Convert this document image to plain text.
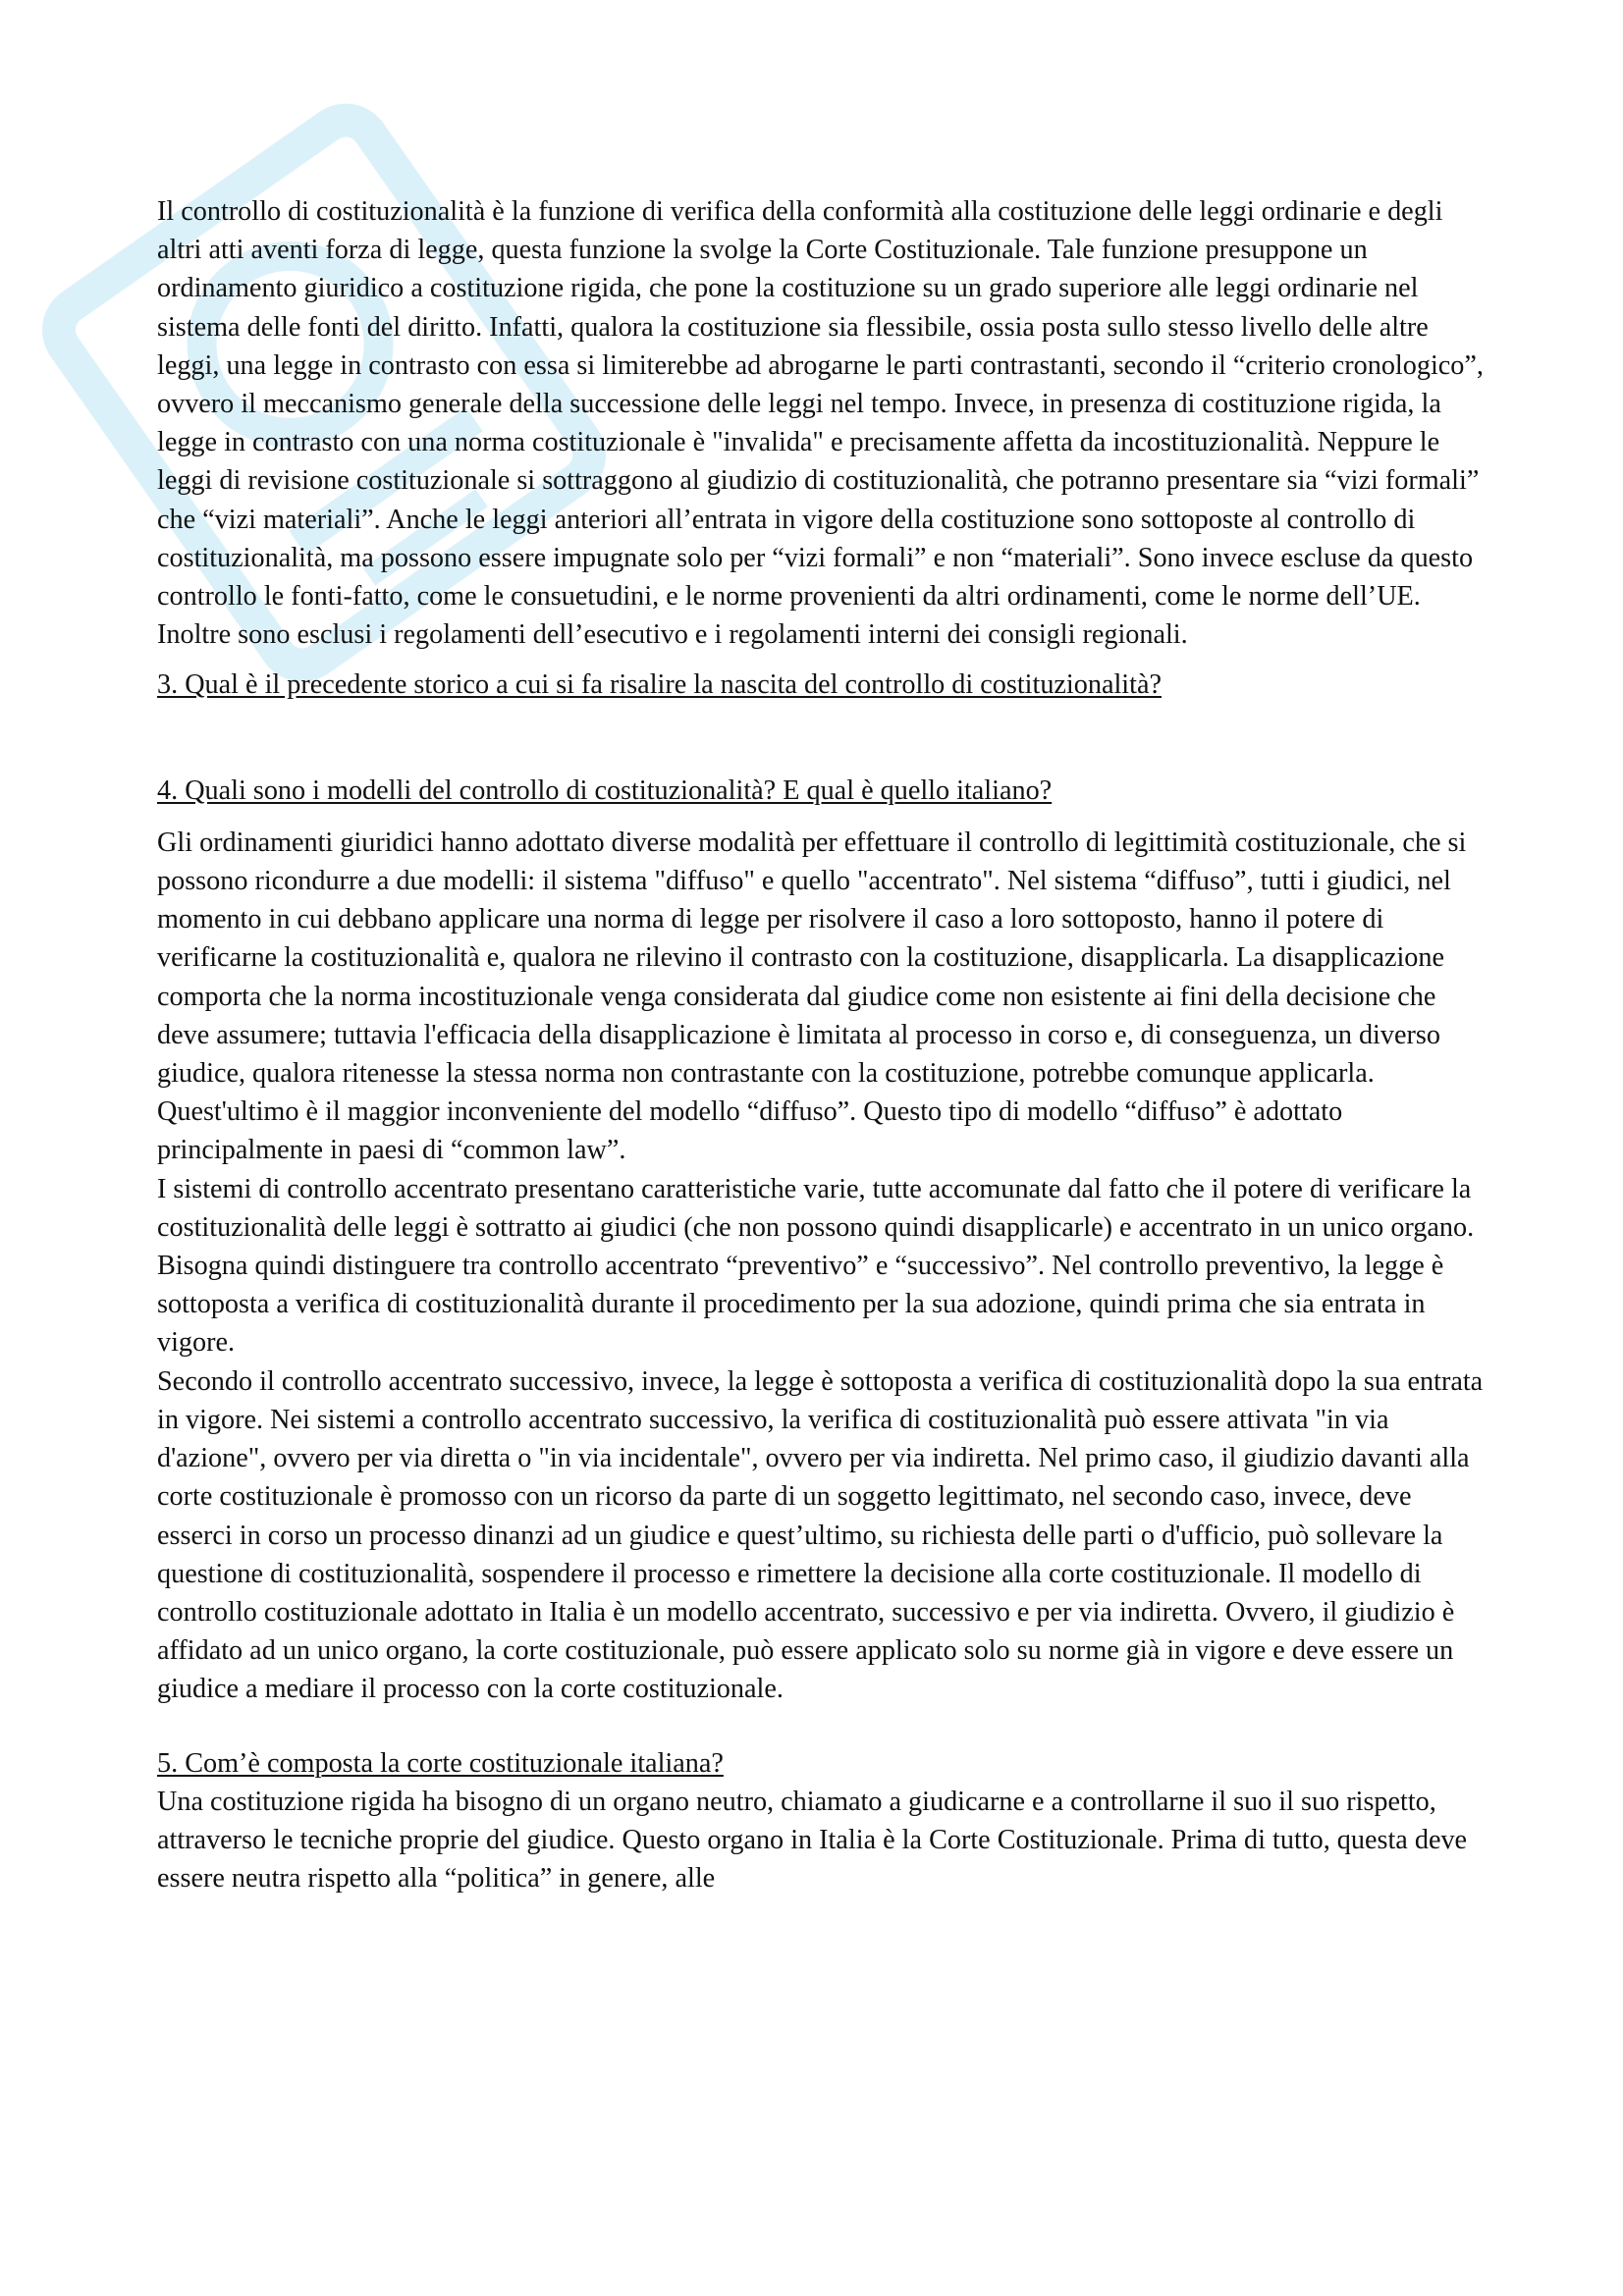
Il controllo di costituzionalità è la funzione di verifica della conformità alla costituzione delle leggi ordinarie e degli altri atti aventi forza di legge, questa funzione la svolge la Corte Costituzionale. Tale funzione presuppone un ordinamento giuridico a costituzione rigida, che pone la costituzione su un grado superiore alle leggi ordinarie nel sistema delle fonti del diritto. Infatti, qualora la costituzione sia flessibile, ossia posta sullo stesso livello delle altre leggi, una legge in contrasto con essa si limiterebbe ad abrogarne le parti contrastanti, secondo il “criterio cronologico”, ovvero il meccanismo generale della successione delle leggi nel tempo. Invece, in presenza di costituzione rigida, la legge in contrasto con una norma costituzionale è "invalida" e precisamente affetta da incostituzionalità. Neppure le leggi di revisione costituzionale si sottraggono al giudizio di costituzionalità, che potranno presentare sia “vizi formali” che “vizi materiali”. Anche le leggi anteriori all’entrata in vigore della costituzione sono sottoposte al controllo di costituzionalità, ma possono essere impugnate solo per “vizi formali” e non “materiali”. Sono invece escluse da questo controllo le fonti-fatto, come le consuetudini, e le norme provenienti da altri ordinamenti, come le norme dell’UE. Inoltre sono esclusi i regolamenti dell’esecutivo e i regolamenti interni dei consigli regionali.

3. Qual è il precedente storico a cui si fa risalire la nascita del controllo di costituzionalità?

4. Quali sono i modelli del controllo di costituzionalità? E qual è quello italiano?

Gli ordinamenti giuridici hanno adottato diverse modalità per effettuare il controllo di legittimità costituzionale, che si possono ricondurre a due modelli: il sistema "diffuso" e quello "accentrato". Nel sistema “diffuso”, tutti i giudici, nel momento in cui debbano applicare una norma di legge per risolvere il caso a loro sottoposto, hanno il potere di verificarne la costituzionalità e, qualora ne rilevino il contrasto con la costituzione, disapplicarla. La disapplicazione comporta che la norma incostituzionale venga considerata dal giudice come non esistente ai fini della decisione che deve assumere; tuttavia l'efficacia della disapplicazione è limitata al processo in corso e, di conseguenza, un diverso giudice, qualora ritenesse la stessa norma non contrastante con la costituzione, potrebbe comunque applicarla. Quest'ultimo è il maggior inconveniente del modello “diffuso”. Questo tipo di modello “diffuso” è adottato principalmente in paesi di “common law”.

I sistemi di controllo accentrato presentano caratteristiche varie, tutte accomunate dal fatto che il potere di verificare la costituzionalità delle leggi è sottratto ai giudici (che non possono quindi disapplicarle) e accentrato in un unico organo. Bisogna quindi distinguere tra controllo accentrato “preventivo” e “successivo”. Nel controllo preventivo, la legge è sottoposta a verifica di costituzionalità durante il procedimento per la sua adozione, quindi prima che sia entrata in vigore.

Secondo il controllo accentrato successivo, invece, la legge è sottoposta a verifica di costituzionalità dopo la sua entrata in vigore. Nei sistemi a controllo accentrato successivo, la verifica di costituzionalità può essere attivata "in via d'azione", ovvero per via diretta o "in via incidentale", ovvero per via indiretta. Nel primo caso, il giudizio davanti alla corte costituzionale è promosso con un ricorso da parte di un soggetto legittimato, nel secondo caso, invece, deve esserci in corso un processo dinanzi ad un giudice e quest’ultimo, su richiesta delle parti o d'ufficio, può sollevare la questione di costituzionalità, sospendere il processo e rimettere la decisione alla corte costituzionale. Il modello di controllo costituzionale adottato in Italia è un modello accentrato, successivo e per via indiretta. Ovvero, il giudizio è affidato ad un unico organo, la corte costituzionale, può essere applicato solo su norme già in vigore e deve essere un giudice a mediare il processo con la corte costituzionale.

5. Com’è composta la corte costituzionale italiana?

Una costituzione rigida ha bisogno di un organo neutro, chiamato a giudicarne e a controllarne il suo il suo rispetto, attraverso le tecniche proprie del giudice. Questo organo in Italia è la Corte Costituzionale. Prima di tutto, questa deve essere neutra rispetto alla “politica” in genere, alle
